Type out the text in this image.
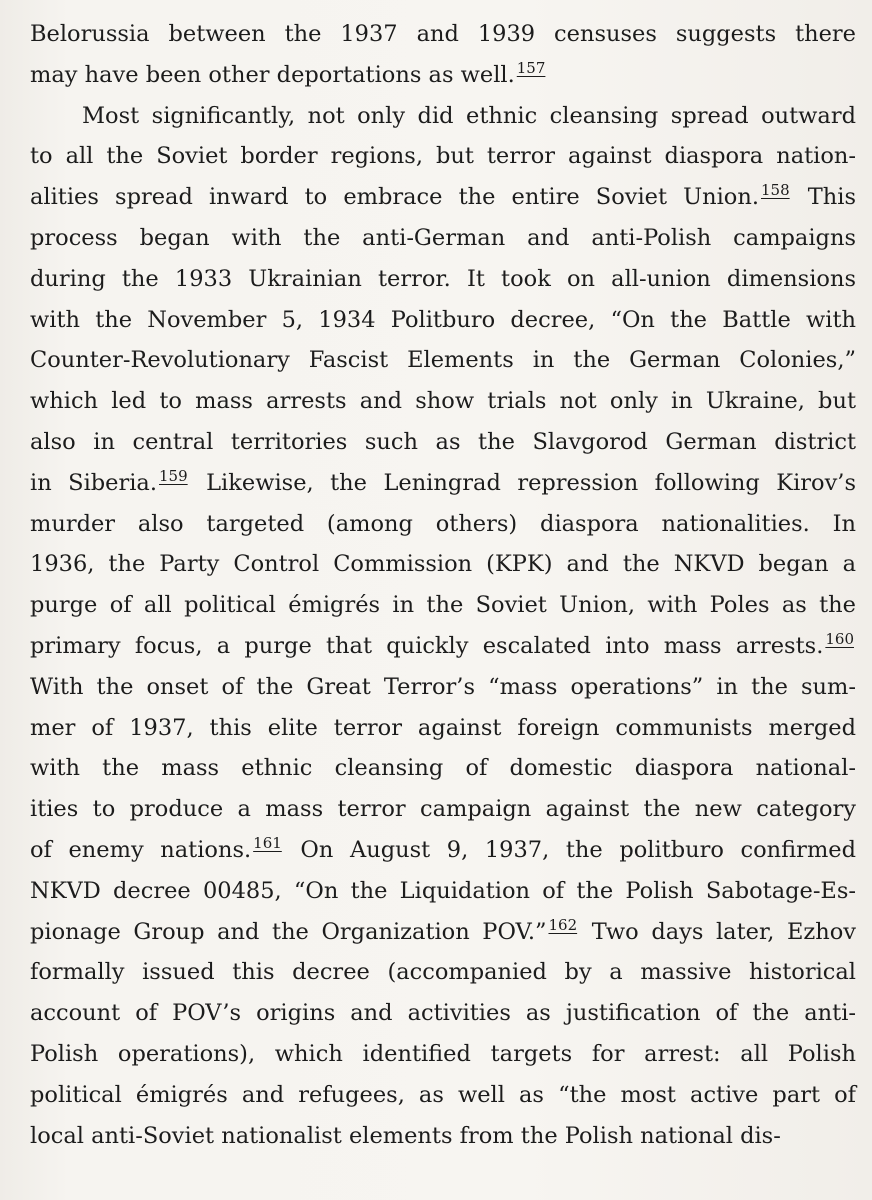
Belorussia between the 1937 and 1939 censuses suggests there
may have been other deportations as well. $^{157}$
Most significantly, not only did ethnic cleansing spread outward
to all the Soviet border regions, but terror against diaspora nation-
alities spread inward to embrace the entire Soviet Union. $^{158}$ This
process began with the anti-German and anti-Polish campaigns
during the 1933 Ukrainian terror. It took on all-union dimensions
with the November 5, 1934 Politburo decree, “On the Battle with
Counter-Revolutionary Fascist Elements in the German Colonies,”
which led to mass arrests and show trials not only in Ukraine, but
also in central territories such as the Slavgorod German district
in Siberia. $^{159}$ Likewise, the Leningrad repression following Kirov’s
murder also targeted (among others) diaspora nationalities. In
1936, the Party Control Commission (KPK) and the NKVD began a
purge of all political émigrés in the Soviet Union, with Poles as the
primary focus, a purge that quickly escalated into mass arrests. $^{160}$
With the onset of the Great Terror’s “mass operations” in the sum-
mer of 1937, this elite terror against foreign communists merged
with the mass ethnic cleansing of domestic diaspora national-
ities to produce a mass terror campaign against the new category
of enemy nations. $^{161}$ On August 9, 1937, the politburo confirmed
NKVD decree 00485, “On the Liquidation of the Polish Sabotage-Es-
pionage Group and the Organization POV.” $^{162}$ Two days later, Ezhov
formally issued this decree (accompanied by a massive historical
account of POV’s origins and activities as justification of the anti-
Polish operations), which identified targets for arrest: all Polish
political émigrés and refugees, as well as “the most active part of
local anti-Soviet nationalist elements from the Polish national dis-
